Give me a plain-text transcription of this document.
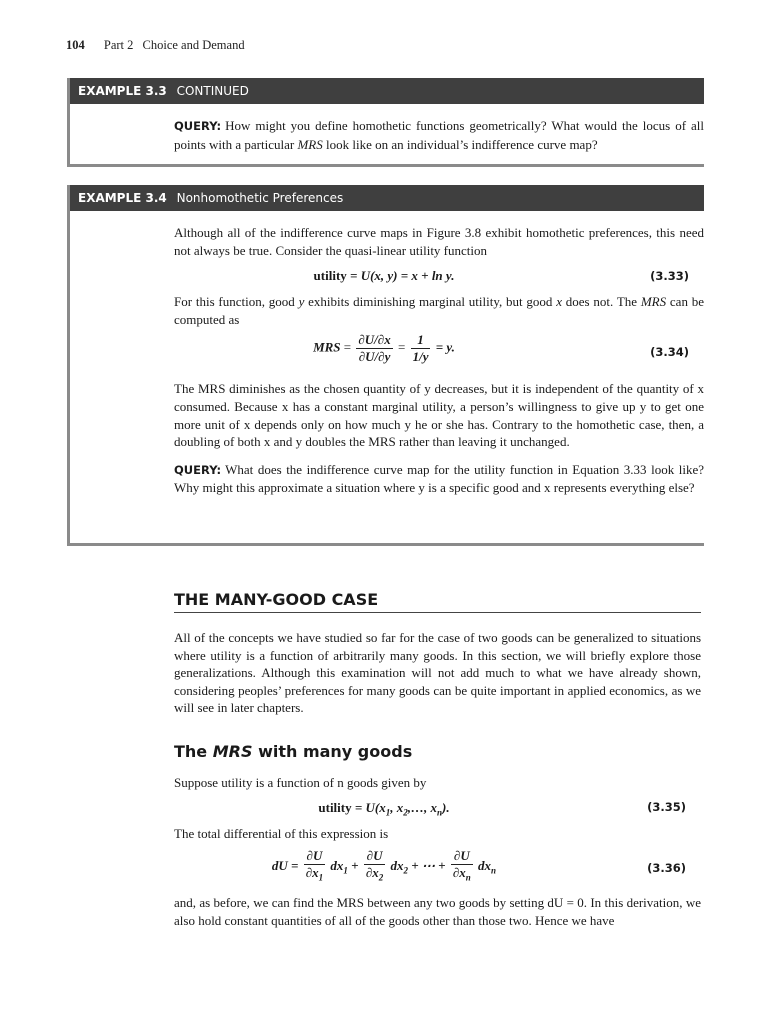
104 Part 2 Choice and Demand
EXAMPLE 3.3 CONTINUED

QUERY: How might you define homothetic functions geometrically? What would the locus of all points with a particular MRS look like on an individual’s indifference curve map?

EXAMPLE 3.4 Nonhomothetic Preferences

Although all of the indifference curve maps in Figure 3.8 exhibit homothetic preferences, this need not always be true. Consider the quasi-linear utility function

utility = U(x, y) = x + ln y.	(3.33)

For this function, good y exhibits diminishing marginal utility, but good x does not. The MRS can be computed as

MRS = $\frac{\partial U/\partial x}{\partial U/\partial y} = \frac{1}{1/y} = y$.	(3.34)

The MRS diminishes as the chosen quantity of y decreases, but it is independent of the quantity of x consumed. Because x has a constant marginal utility, a person’s willingness to give up y to get one more unit of x depends only on how much y he or she has. Contrary to the homothetic case, then, a doubling of both x and y doubles the MRS rather than leaving it unchanged.

QUERY: What does the indifference curve map for the utility function in Equation 3.33 look like? Why might this approximate a situation where y is a specific good and x represents everything else?

THE MANY-GOOD CASE

All of the concepts we have studied so far for the case of two goods can be generalized to situations where utility is a function of arbitrarily many goods. In this section, we will briefly explore those generalizations. Although this examination will not add much to what we have already shown, considering peoples’ preferences for many goods can be quite important in applied economics, as we will see in later chapters.

The MRS with many goods

Suppose utility is a function of n goods given by

utility = $U(x_1$, $x_2,\dots$, $x_n$).	(3.35)

The total differential of this expression is

dU = $\frac{\partial U}{\partial x_1} dx_1 + \frac{\partial U}{\partial x_2} dx_2$ + ⋯ + $\frac{\partial U}{\partial x_n} dx_n$	(3.36)

and, as before, we can find the MRS between any two goods by setting dU = 0. In this derivation, we also hold constant quantities of all of the goods other than those two. Hence we have
